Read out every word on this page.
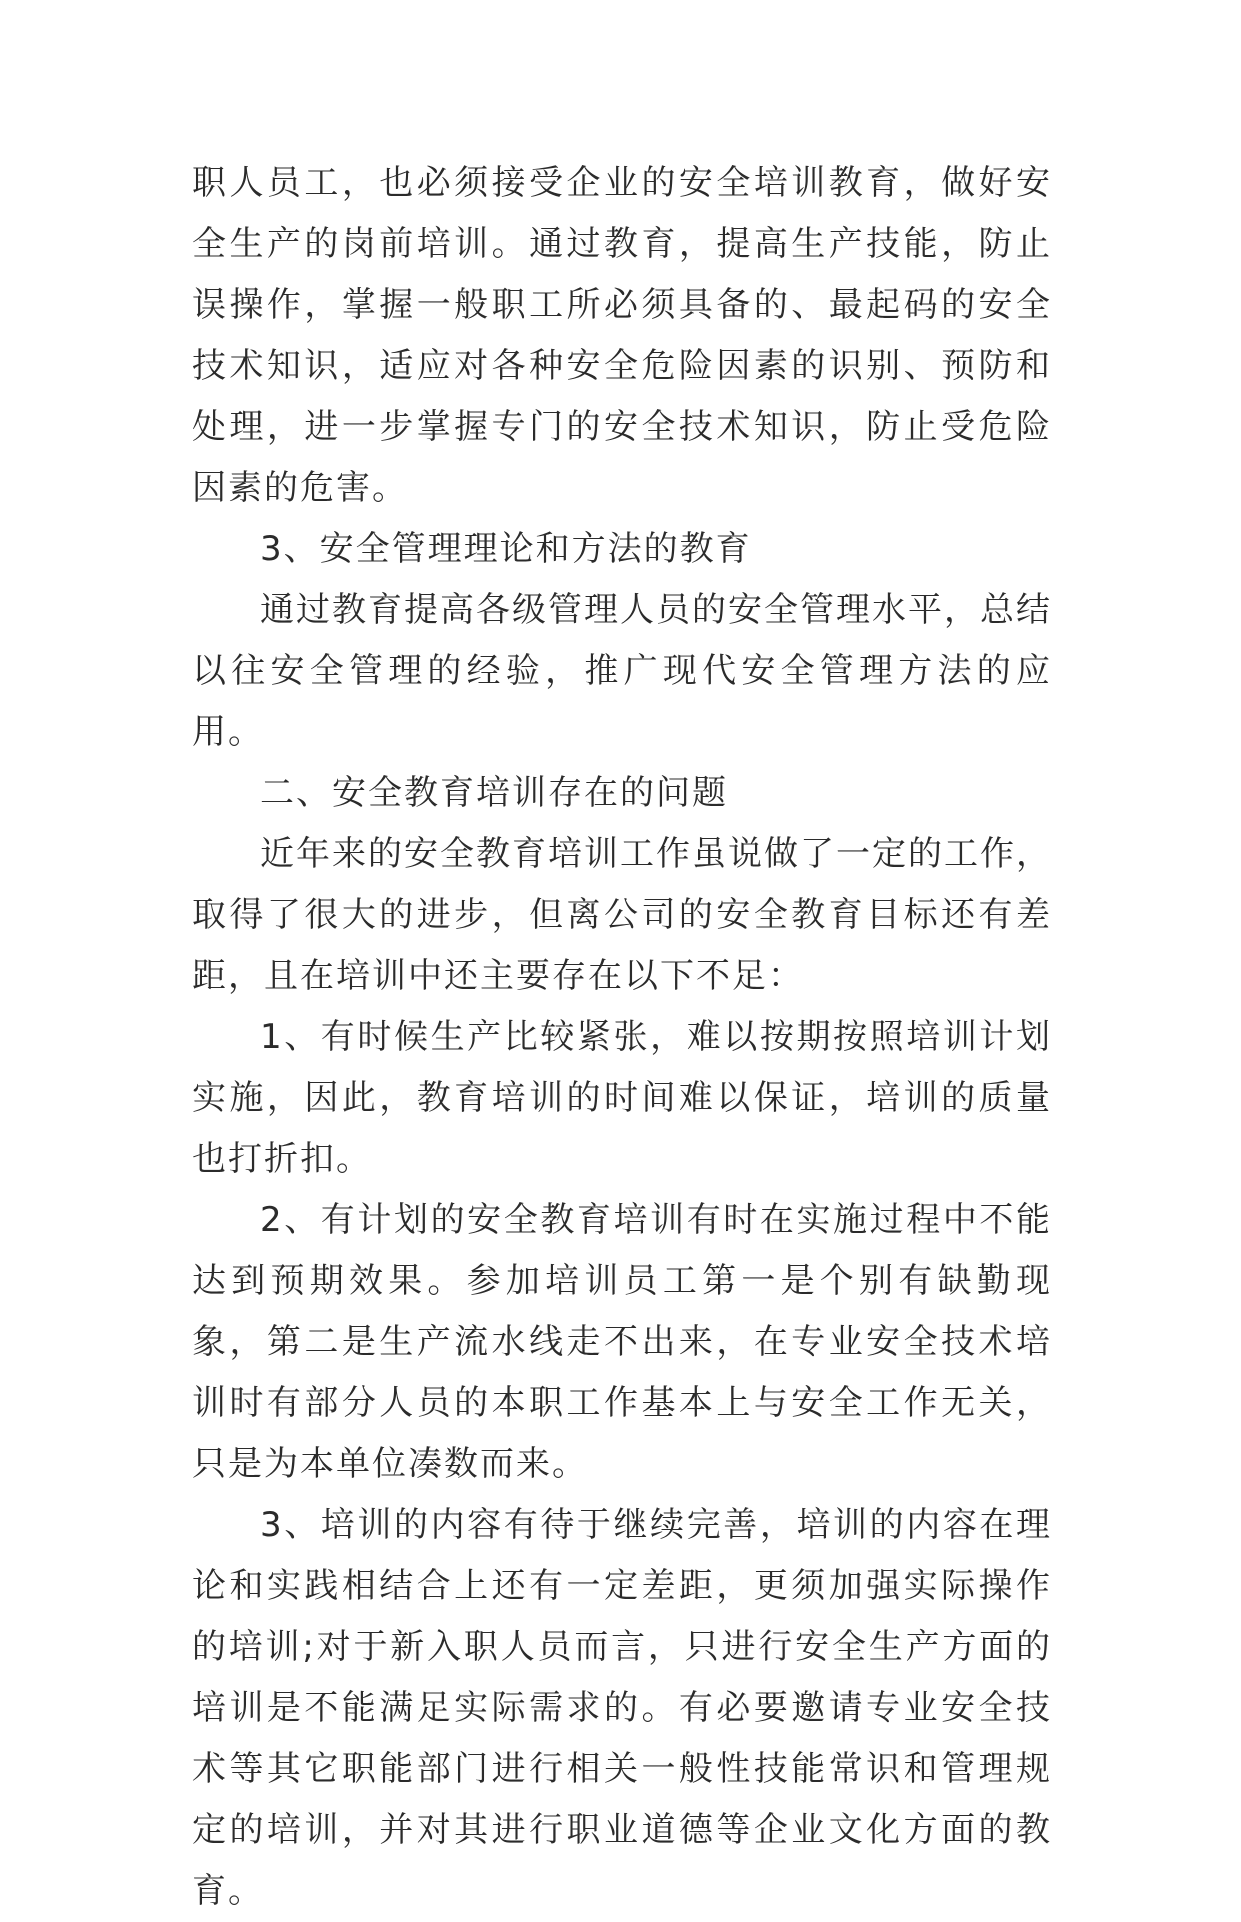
职人员工，也必须接受企业的安全培训教育，做好安全生产的岗前培训。通过教育，提高生产技能，防止误操作，掌握一般职工所必须具备的、最起码的安全技术知识，适应对各种安全危险因素的识别、预防和处理，进一步掌握专门的安全技术知识，防止受危险因素的危害。

3、安全管理理论和方法的教育

通过教育提高各级管理人员的安全管理水平，总结以往安全管理的经验，推广现代安全管理方法的应用。

二、安全教育培训存在的问题

近年来的安全教育培训工作虽说做了一定的工作，取得了很大的进步，但离公司的安全教育目标还有差距，且在培训中还主要存在以下不足：

1、有时候生产比较紧张，难以按期按照培训计划实施，因此，教育培训的时间难以保证，培训的质量也打折扣。

2、有计划的安全教育培训有时在实施过程中不能达到预期效果。参加培训员工第一是个别有缺勤现象，第二是生产流水线走不出来，在专业安全技术培训时有部分人员的本职工作基本上与安全工作无关，只是为本单位凑数而来。

3、培训的内容有待于继续完善，培训的内容在理论和实践相结合上还有一定差距，更须加强实际操作的培训;对于新入职人员而言，只进行安全生产方面的培训是不能满足实际需求的。有必要邀请专业安全技术等其它职能部门进行相关一般性技能常识和管理规定的培训，并对其进行职业道德等企业文化方面的教育。
